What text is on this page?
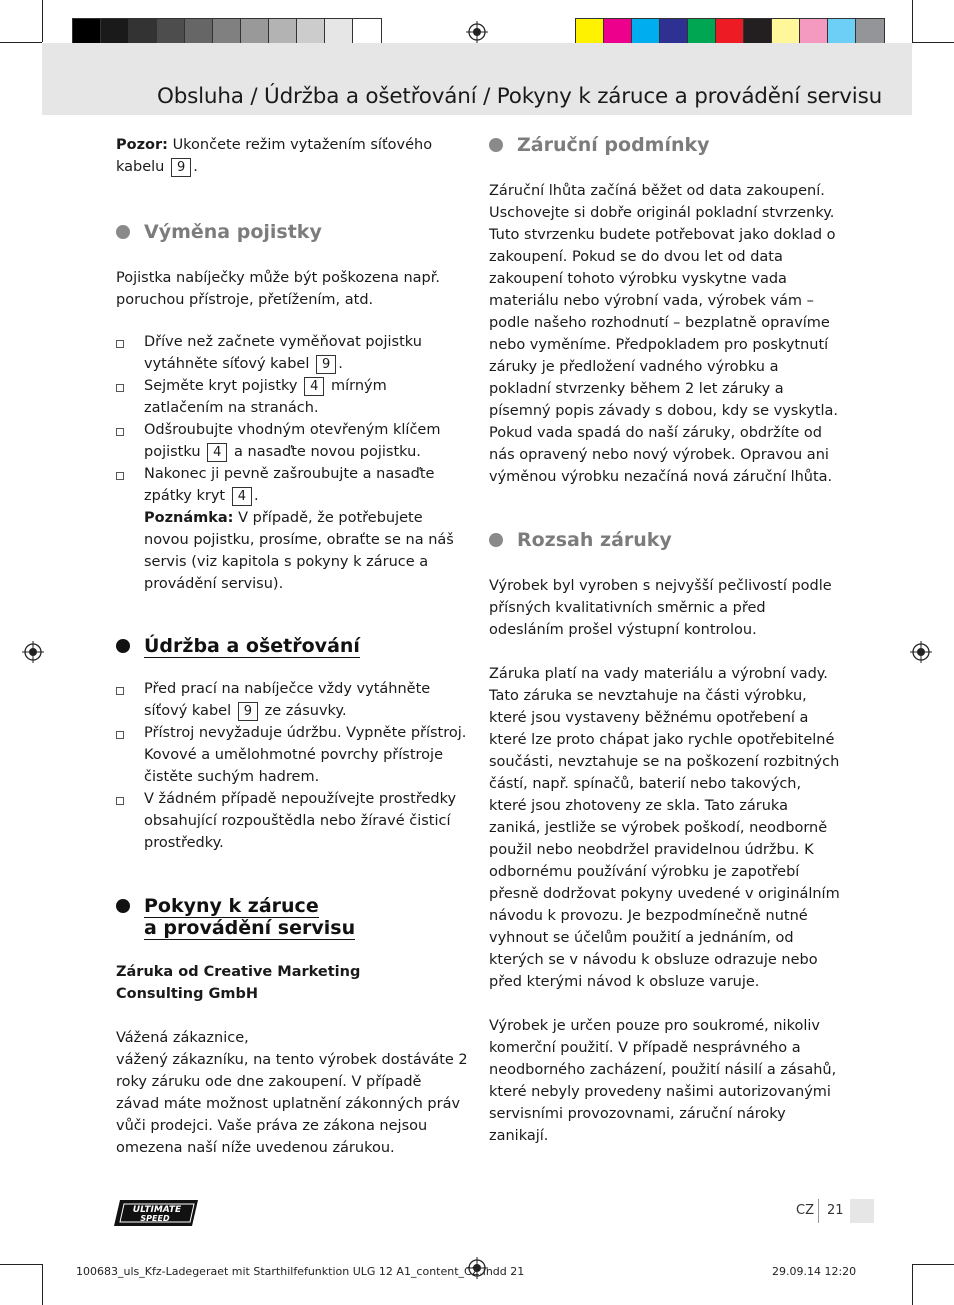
Obsluha / Údržba a ošetřování / Pokyny k záruce a provádění servisu

Pozor: Ukončete režim vytažením síťového kabelu 9 .

Výměna pojistky

Pojistka nabíječky může být poškozena např. poruchou přístroje, přetížením, atd.

Dříve než začnete vyměňovat pojistku vytáhněte síťový kabel 9 .
Sejměte kryt pojistky 4 mírným zatlačením na stranách.
Odšroubujte vhodným otevřeným klíčem pojistku 4 a nasaďte novou pojistku.
Nakonec ji pevně zašroubujte a nasaďte zpátky kryt 4 .
Poznámka: V případě, že potřebujete novou pojistku, prosíme, obraťte se na náš servis (viz kapitola s pokyny k záruce a provádění servisu).
Údržba a ošetřování
Před prací na nabíječce vždy vytáhněte síťový kabel 9 ze zásuvky.
Přístroj nevyžaduje údržbu. Vypněte přístroj. Kovové a umělohmotné povrchy přístroje čistěte suchým hadrem.
V žádném případě nepoužívejte prostředky obsahující rozpouštědla nebo žíravé čisticí prostředky.
Pokyny k záruce
a provádění servisu

Záruka od Creative Marketing Consulting GmbH

Vážená zákaznice,

vážený zákazníku, na tento výrobek dostáváte 2 roky záruku ode dne zakoupení. V případě závad máte možnost uplatnění zákonných práv vůči prodejci. Vaše práva ze zákona nejsou omezena naší níže uvedenou zárukou.

Záruční podmínky

Záruční lhůta začíná běžet od data zakoupení. Uschovejte si dobře originál pokladní stvrzenky. Tuto stvrzenku budete potřebovat jako doklad o zakoupení. Pokud se do dvou let od data zakoupení tohoto výrobku vyskytne vada materiálu nebo výrobní vada, výrobek vám – podle našeho rozhodnutí – bezplatně opravíme nebo vyměníme. Předpokladem pro poskytnutí záruky je předložení vadného výrobku a pokladní stvrzenky během 2 let záruky a písemný popis závady s dobou, kdy se vyskytla. Pokud vada spadá do naší záruky, obdržíte od nás opravený nebo nový výrobek. Opravou ani výměnou výrobku nezačíná nová záruční lhůta.

Rozsah záruky

Výrobek byl vyroben s nejvyšší pečlivostí podle přísných kvalitativních směrnic a před odesláním prošel výstupní kontrolou.

Záruka platí na vady materiálu a výrobní vady. Tato záruka se nevztahuje na části výrobku, které jsou vystaveny běžnému opotřebení a které lze proto chápat jako rychle opotřebitelné součásti, nevztahuje se na poškození rozbitných částí, např. spínačů, baterií nebo takových, které jsou zhotoveny ze skla. Tato záruka zaniká, jestliže se výrobek poškodí, neodborně použil nebo neobdržel pravidelnou údržbu. K odbornému používání výrobku je zapotřebí přesně dodržovat pokyny uvedené v originálním návodu k provozu. Je bezpodmínečně nutné vyhnout se účelům použití a jednáním, od kterých se v návodu k obsluze odrazuje nebo před kterými návod k obsluze varuje.

Výrobek je určen pouze pro soukromé, nikoliv komerční použití. V případě nesprávného a neodborného zacházení, použití násilí a zásahů, které nebyly provedeny našimi autorizovanými servisními provozovnami, záruční nároky zanikají.

ULTIMATE
SPEED
CZ 21
100683_uls_Kfz-Ladegeraet mit Starthilfefunktion ULG 12 A1_content_CZ.indd 21	29.09.14 12:20
